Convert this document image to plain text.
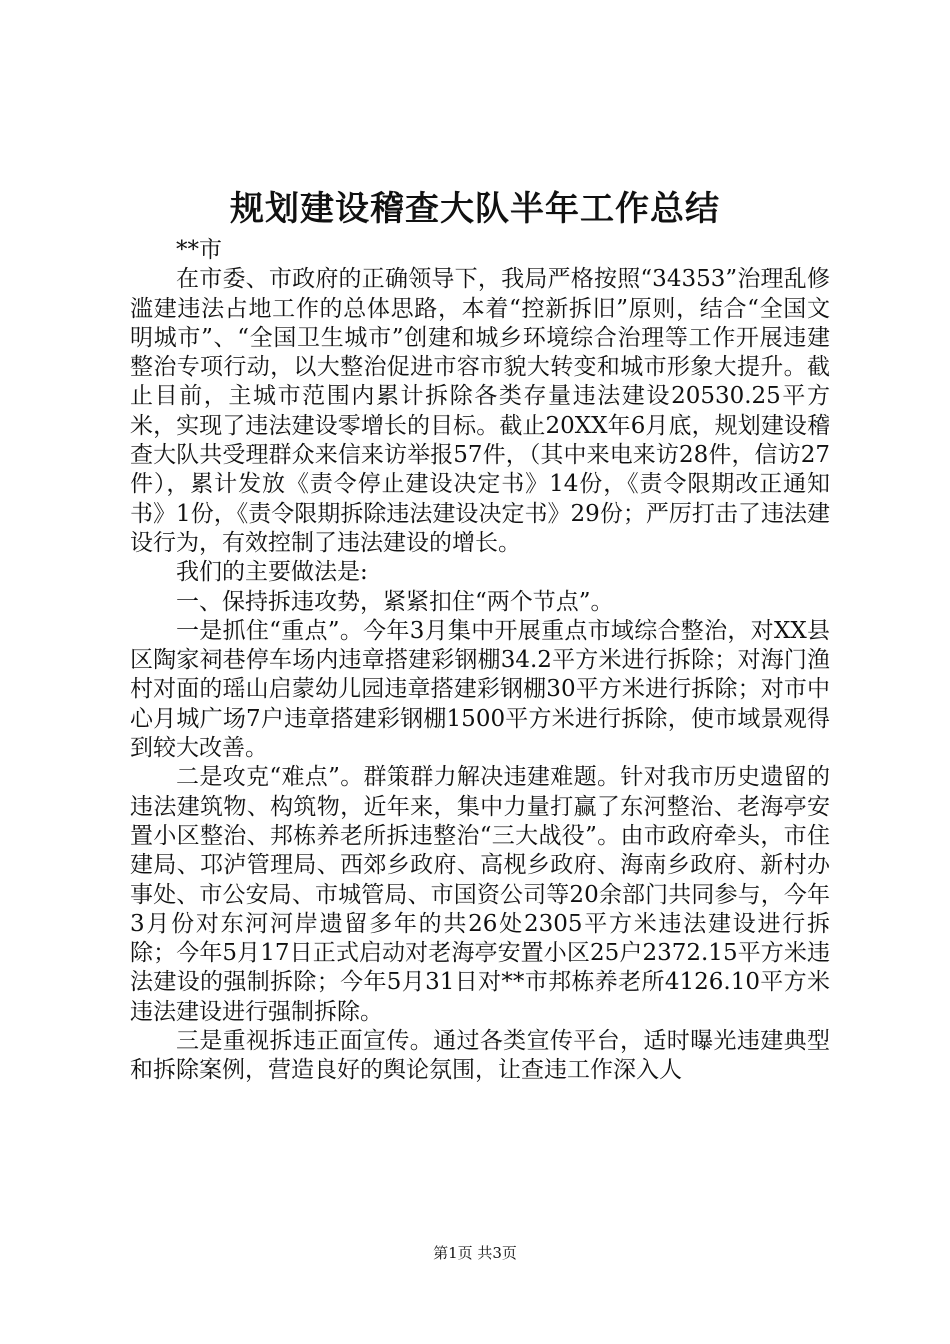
规划建设稽查大队半年工作总结

**市

在市委、市政府的正确领导下，我局严格按照“34353”治理乱修滥建违法占地工作的总体思路，本着“控新拆旧”原则，结合“全国文明城市”、“全国卫生城市”创建和城乡环境综合治理等工作开展违建整治专项行动，以大整治促进市容市貌大转变和城市形象大提升。截止目前，主城市范围内累计拆除各类存量违法建设20530.25平方米，实现了违法建设零增长的目标。截止20XX年6月底，规划建设稽查大队共受理群众来信来访举报57件，（其中来电来访28件，信访27件），累计发放《责令停止建设决定书》14份，《责令限期改正通知书》1份，《责令限期拆除违法建设决定书》29份；严厉打击了违法建设行为，有效控制了违法建设的增长。

我们的主要做法是:

一、保持拆违攻势，紧紧扣住“两个节点”。

一是抓住“重点”。今年3月集中开展重点市域综合整治，对XX县区陶家祠巷停车场内违章搭建彩钢棚34.2平方米进行拆除；对海门渔村对面的瑶山启蒙幼儿园违章搭建彩钢棚30平方米进行拆除；对市中心月城广场7户违章搭建彩钢棚1500平方米进行拆除，使市域景观得到较大改善。

二是攻克“难点”。群策群力解决违建难题。针对我市历史遗留的违法建筑物、构筑物，近年来，集中力量打赢了东河整治、老海亭安置小区整治、邦栋养老所拆违整治“三大战役”。由市政府牵头，市住建局、邛泸管理局、西郊乡政府、高枧乡政府、海南乡政府、新村办事处、市公安局、市城管局、市国资公司等20余部门共同参与，今年3月份对东河河岸遗留多年的共26处2305平方米违法建设进行拆除；今年5月17日正式启动对老海亭安置小区25户2372.15平方米违法建设的强制拆除；今年5月31日对**市邦栋养老所4126.10平方米违法建设进行强制拆除。

三是重视拆违正面宣传。通过各类宣传平台，适时曝光违建典型和拆除案例，营造良好的舆论氛围，让查违工作深入人

第1页 共3页
